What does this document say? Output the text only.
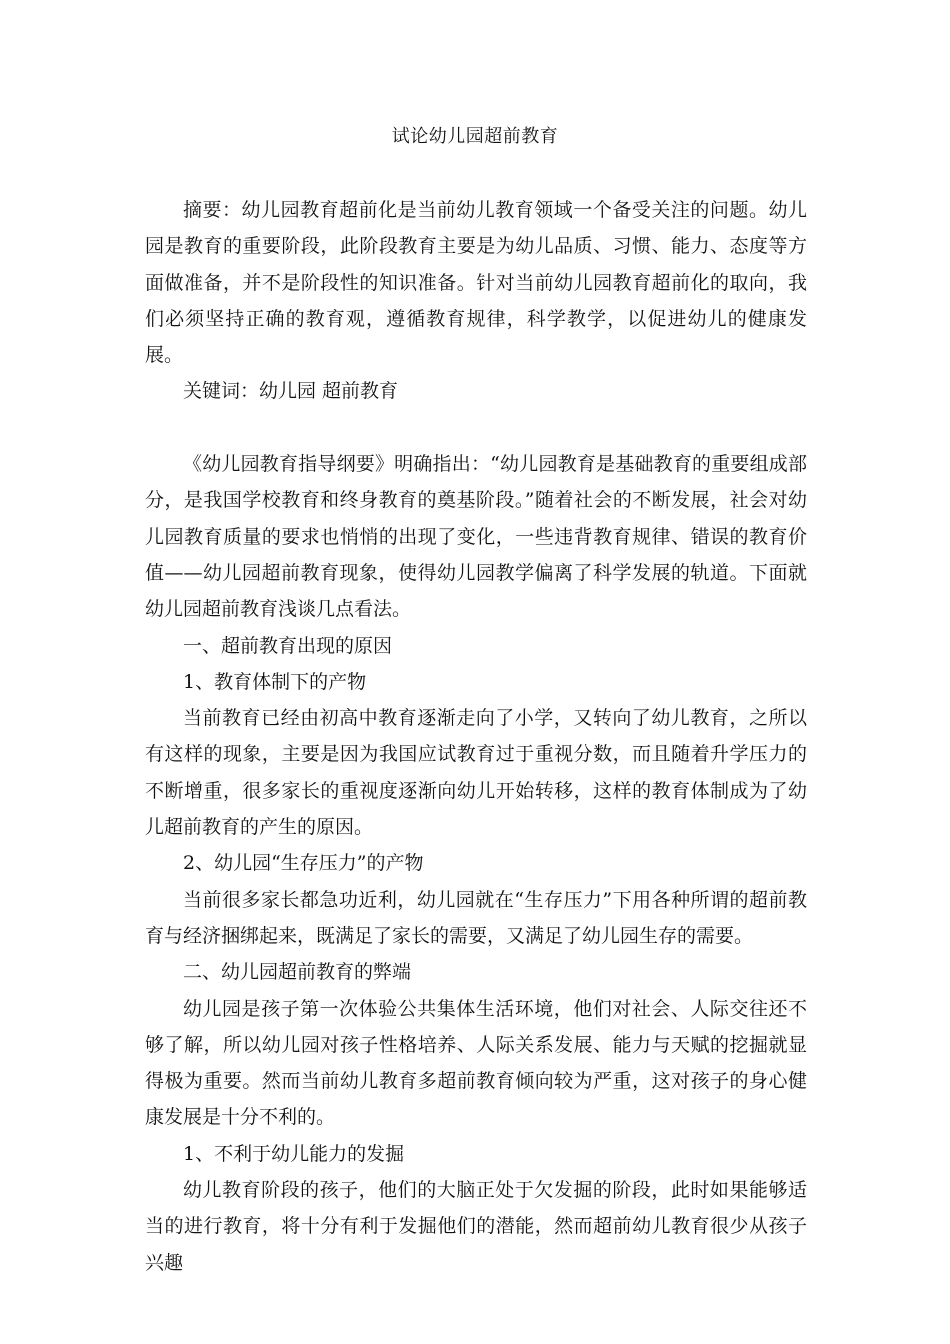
试论幼儿园超前教育

摘要：幼儿园教育超前化是当前幼儿教育领域一个备受关注的问题。幼儿园是教育的重要阶段，此阶段教育主要是为幼儿品质、习惯、能力、态度等方面做准备，并不是阶段性的知识准备。针对当前幼儿园教育超前化的取向，我们必须坚持正确的教育观，遵循教育规律，科学教学，以促进幼儿的健康发展。

关键词：幼儿园 超前教育

《幼儿园教育指导纲要》明确指出：“幼儿园教育是基础教育的重要组成部分，是我国学校教育和终身教育的奠基阶段。”随着社会的不断发展，社会对幼儿园教育质量的要求也悄悄的出现了变化，一些违背教育规律、错误的教育价值——幼儿园超前教育现象，使得幼儿园教学偏离了科学发展的轨道。下面就幼儿园超前教育浅谈几点看法。

一、超前教育出现的原因

1、教育体制下的产物

当前教育已经由初高中教育逐渐走向了小学，又转向了幼儿教育，之所以有这样的现象，主要是因为我国应试教育过于重视分数，而且随着升学压力的不断增重，很多家长的重视度逐渐向幼儿开始转移，这样的教育体制成为了幼儿超前教育的产生的原因。

2、幼儿园“生存压力”的产物

当前很多家长都急功近利，幼儿园就在“生存压力”下用各种所谓的超前教育与经济捆绑起来，既满足了家长的需要，又满足了幼儿园生存的需要。

二、幼儿园超前教育的弊端

幼儿园是孩子第一次体验公共集体生活环境，他们对社会、人际交往还不够了解，所以幼儿园对孩子性格培养、人际关系发展、能力与天赋的挖掘就显得极为重要。然而当前幼儿教育多超前教育倾向较为严重，这对孩子的身心健康发展是十分不利的。

1、不利于幼儿能力的发掘

幼儿教育阶段的孩子，他们的大脑正处于欠发掘的阶段，此时如果能够适当的进行教育，将十分有利于发掘他们的潜能，然而超前幼儿教育很少从孩子兴趣
